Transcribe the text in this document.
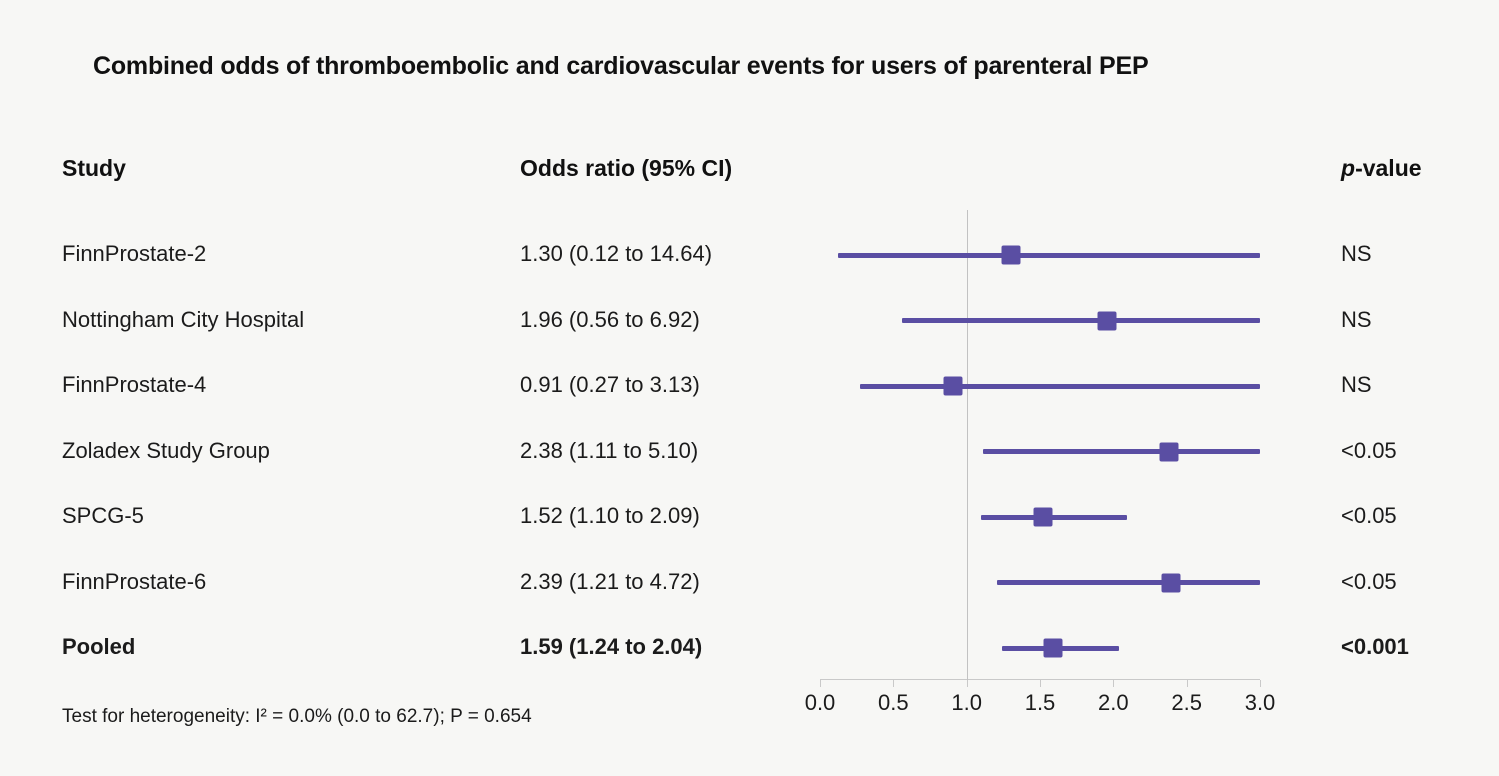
Combined odds of thromboembolic and cardiovascular events for users of parenteral PEP
Study	Odds ratio (95% CI)	p-value
FinnProstate-2	1.30 (0.12 to 14.64)	NS
Nottingham City Hospital	1.96 (0.56 to 6.92)	NS
FinnProstate-4	0.91 (0.27 to 3.13)	NS
Zoladex Study Group	2.38 (1.11 to 5.10)	<0.05
SPCG-5	1.52 (1.10 to 2.09)	<0.05
FinnProstate-6	2.39 (1.21 to 4.72)	<0.05
Pooled	1.59 (1.24 to 2.04)	<0.001
0.0 0.5 1.0 1.5 2.0 2.5 3.0
Test for heterogeneity: I² = 0.0% (0.0 to 62.7); P = 0.654
